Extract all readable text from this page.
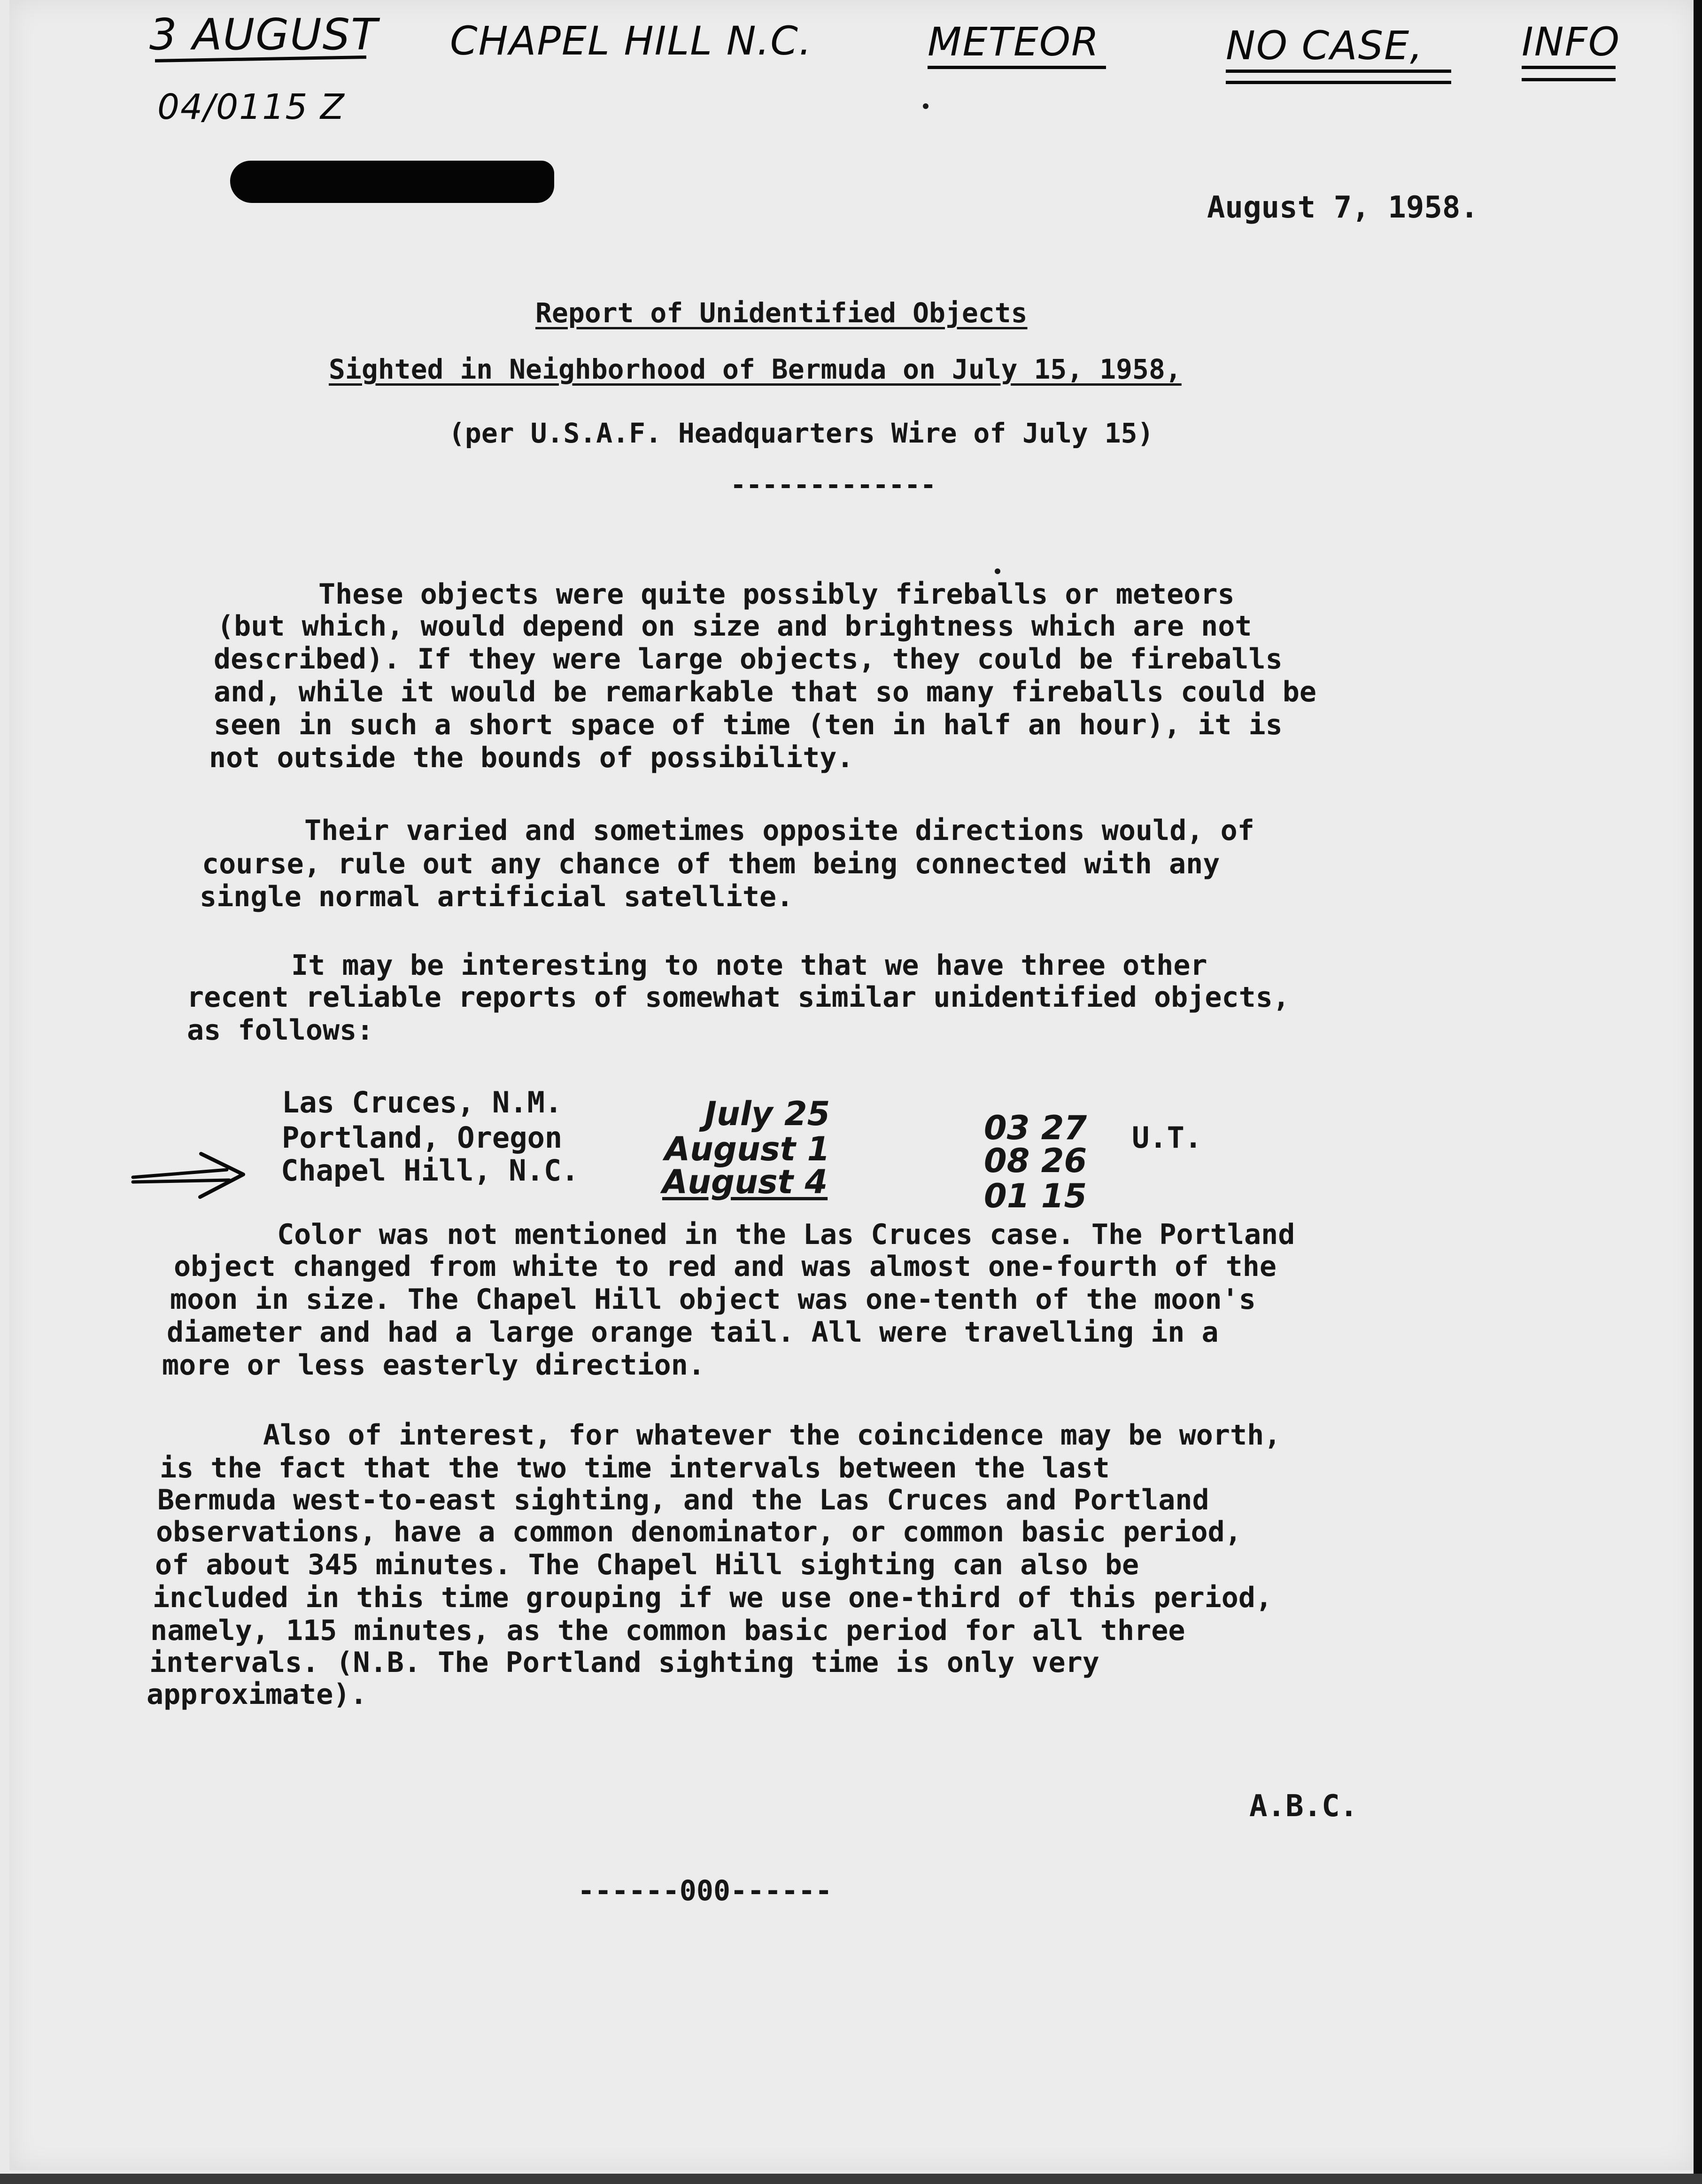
3 AUGUST CHAPEL HILL N.C.	METEOR	NO CASE, INFO
04/0115 Z
August 7, 1958.
Report of Unidentified Objects
Sighted in Neighborhood of Bermuda on July 15, 1958,
(per U.S.A.F. Headquarters Wire of July 15)
-------------
These objects were quite possibly fireballs or meteors
(but which, would depend on size and brightness which are not
described). If they were large objects, they could be fireballs
and, while it would be remarkable that so many fireballs could be
seen in such a short space of time (ten in half an hour), it is
not outside the bounds of possibility.
Their varied and sometimes opposite directions would, of
course, rule out any chance of them being connected with any
single normal artificial satellite.
It may be interesting to note that we have three other
recent reliable reports of somewhat similar unidentified objects,
as follows:
Las Cruces, N.M.	July 25	03 27 U.T.
Portland, Oregon	August 1	08 26
Chapel Hill, N.C.	August 4	01 15
Color was not mentioned in the Las Cruces case. The Portland
object changed from white to red and was almost one-fourth of the
moon in size. The Chapel Hill object was one-tenth of the moon's
diameter and had a large orange tail. All were travelling in a
more or less easterly direction.
Also of interest, for whatever the coincidence may be worth,
is the fact that the two time intervals between the last
Bermuda west-to-east sighting, and the Las Cruces and Portland
observations, have a common denominator, or common basic period,
of about 345 minutes. The Chapel Hill sighting can also be
included in this time grouping if we use one-third of this period,
namely, 115 minutes, as the common basic period for all three
intervals. (N.B. The Portland sighting time is only very
approximate).
A.B.C.
------000------
